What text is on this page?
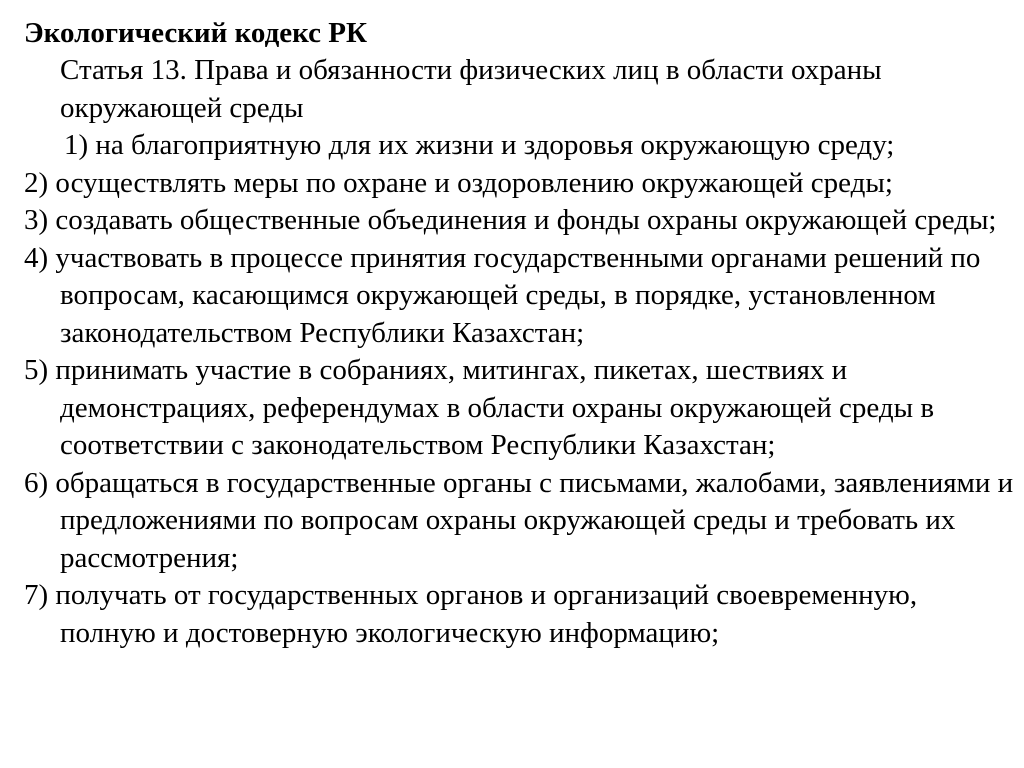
Экологический кодекс РК

Статья 13. Права и обязанности физических лиц в области охраны окружающей среды

1) на благоприятную для их жизни и здоровья окружающую среду;

2) осуществлять меры по охране и оздоровлению окружающей среды;

3) создавать общественные объединения и фонды охраны окружающей среды;

4) участвовать в процессе принятия государственными органами решений по вопросам, касающимся окружающей среды, в порядке, установленном законодательством Республики Казахстан;

5) принимать участие в собраниях, митингах, пикетах, шествиях и демонстрациях, референдумах в области охраны окружающей среды в соответствии с законодательством Республики Казахстан;

6) обращаться в государственные органы с письмами, жалобами, заявлениями и предложениями по вопросам охраны окружающей среды и требовать их рассмотрения;

7) получать от государственных органов и организаций своевременную, полную и достоверную экологическую информацию;
